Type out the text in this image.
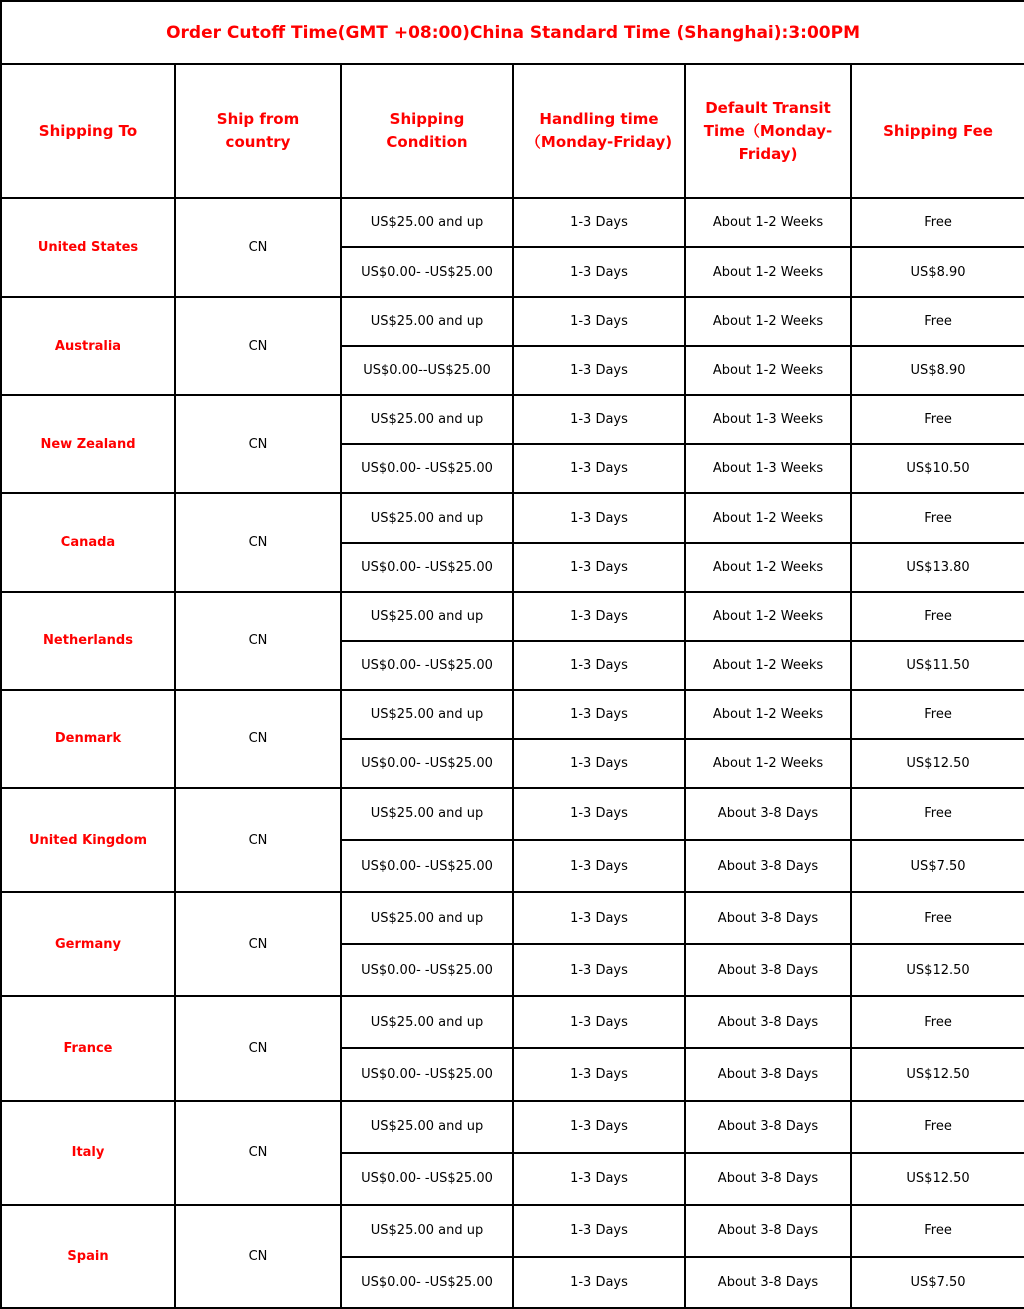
Order Cutoff Time(GMT +08:00)China Standard Time (Shanghai):3:00PM					
Shipping To	Ship from country	Shipping Condition	Handling time（Monday-Friday)	Default Transit Time（Monday-Friday)	Shipping Fee
United States	CN	US$25.00 and up	1-3 Days	About 1-2 Weeks	Free
		US$0.00- -US$25.00	1-3 Days	About 1-2 Weeks	US$8.90
Australia	CN	US$25.00 and up	1-3 Days	About 1-2 Weeks	Free
		US$0.00--US$25.00	1-3 Days	About 1-2 Weeks	US$8.90
New Zealand	CN	US$25.00 and up	1-3 Days	About 1-3 Weeks	Free
		US$0.00- -US$25.00	1-3 Days	About 1-3 Weeks	US$10.50
Canada	CN	US$25.00 and up	1-3 Days	About 1-2 Weeks	Free
		US$0.00- -US$25.00	1-3 Days	About 1-2 Weeks	US$13.80
Netherlands	CN	US$25.00 and up	1-3 Days	About 1-2 Weeks	Free
		US$0.00- -US$25.00	1-3 Days	About 1-2 Weeks	US$11.50
Denmark	CN	US$25.00 and up	1-3 Days	About 1-2 Weeks	Free
		US$0.00- -US$25.00	1-3 Days	About 1-2 Weeks	US$12.50
United Kingdom	CN	US$25.00 and up	1-3 Days	About 3-8 Days	Free
		US$0.00- -US$25.00	1-3 Days	About 3-8 Days	US$7.50
Germany	CN	US$25.00 and up	1-3 Days	About 3-8 Days	Free
		US$0.00- -US$25.00	1-3 Days	About 3-8 Days	US$12.50
France	CN	US$25.00 and up	1-3 Days	About 3-8 Days	Free
		US$0.00- -US$25.00	1-3 Days	About 3-8 Days	US$12.50
Italy	CN	US$25.00 and up	1-3 Days	About 3-8 Days	Free
		US$0.00- -US$25.00	1-3 Days	About 3-8 Days	US$12.50
Spain	CN	US$25.00 and up	1-3 Days	About 3-8 Days	Free
		US$0.00- -US$25.00	1-3 Days	About 3-8 Days	US$7.50
